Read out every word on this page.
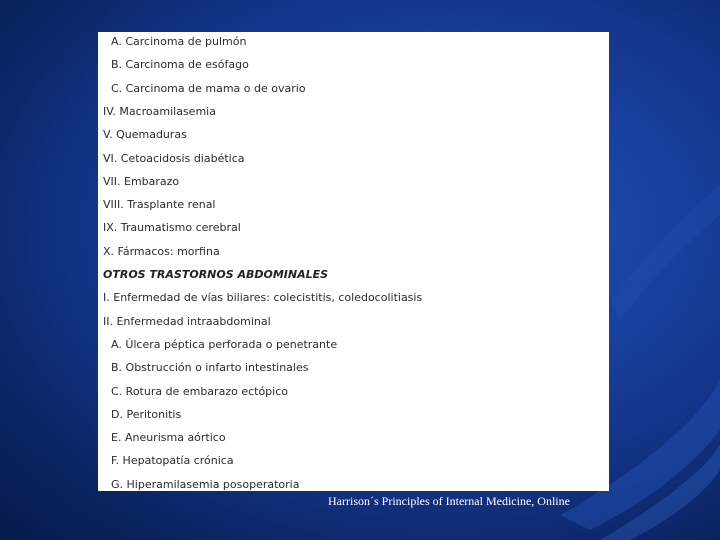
A. Carcinoma de pulmón
B. Carcinoma de esófago
C. Carcinoma de mama o de ovario
IV. Macroamilasemia
V. Quemaduras
VI. Cetoacidosis diabética
VII. Embarazo
VIII. Trasplante renal
IX. Traumatismo cerebral
X. Fármacos: morfina
OTROS TRASTORNOS ABDOMINALES
I. Enfermedad de vías biliares: colecistitis, coledocolitiasis
II. Enfermedad intraabdominal
A. Úlcera péptica perforada o penetrante
B. Obstrucción o infarto intestinales
C. Rotura de embarazo ectópico
D. Peritonitis
E. Aneurisma aórtico
F. Hepatopatía crónica
G. Hiperamilasemia posoperatoria
Harrison´s Principles of Internal Medicine, Online
